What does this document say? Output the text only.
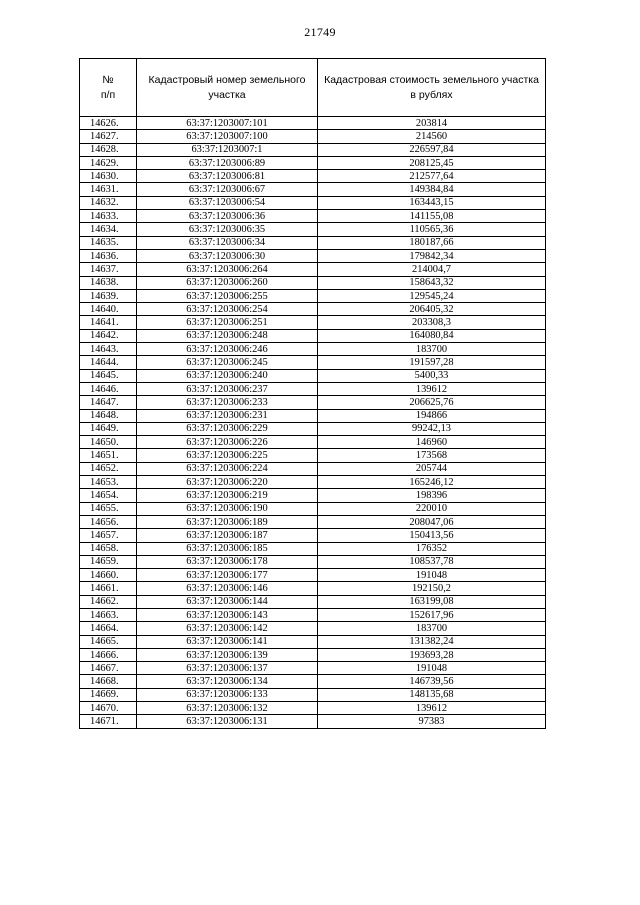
21749
№
п/п	Кадастровый номер земельного участка	Кадастровая стоимость земельного участка в рублях
14626.	63:37:1203007:101	203814
14627.	63:37:1203007:100	214560
14628.	63:37:1203007:1	226597,84
14629.	63:37:1203006:89	208125,45
14630.	63:37:1203006:81	212577,64
14631.	63:37:1203006:67	149384,84
14632.	63:37:1203006:54	163443,15
14633.	63:37:1203006:36	141155,08
14634.	63:37:1203006:35	110565,36
14635.	63:37:1203006:34	180187,66
14636.	63:37:1203006:30	179842,34
14637.	63:37:1203006:264	214004,7
14638.	63:37:1203006:260	158643,32
14639.	63:37:1203006:255	129545,24
14640.	63:37:1203006:254	206405,32
14641.	63:37:1203006:251	203308,3
14642.	63:37:1203006:248	164080,84
14643.	63:37:1203006:246	183700
14644.	63:37:1203006:245	191597,28
14645.	63:37:1203006:240	5400,33
14646.	63:37:1203006:237	139612
14647.	63:37:1203006:233	206625,76
14648.	63:37:1203006:231	194866
14649.	63:37:1203006:229	99242,13
14650.	63:37:1203006:226	146960
14651.	63:37:1203006:225	173568
14652.	63:37:1203006:224	205744
14653.	63:37:1203006:220	165246,12
14654.	63:37:1203006:219	198396
14655.	63:37:1203006:190	220010
14656.	63:37:1203006:189	208047,06
14657.	63:37:1203006:187	150413,56
14658.	63:37:1203006:185	176352
14659.	63:37:1203006:178	108537,78
14660.	63:37:1203006:177	191048
14661.	63:37:1203006:146	192150,2
14662.	63:37:1203006:144	163199,08
14663.	63:37:1203006:143	152617,96
14664.	63:37:1203006:142	183700
14665.	63:37:1203006:141	131382,24
14666.	63:37:1203006:139	193693,28
14667.	63:37:1203006:137	191048
14668.	63:37:1203006:134	146739,56
14669.	63:37:1203006:133	148135,68
14670.	63:37:1203006:132	139612
14671.	63:37:1203006:131	97383
